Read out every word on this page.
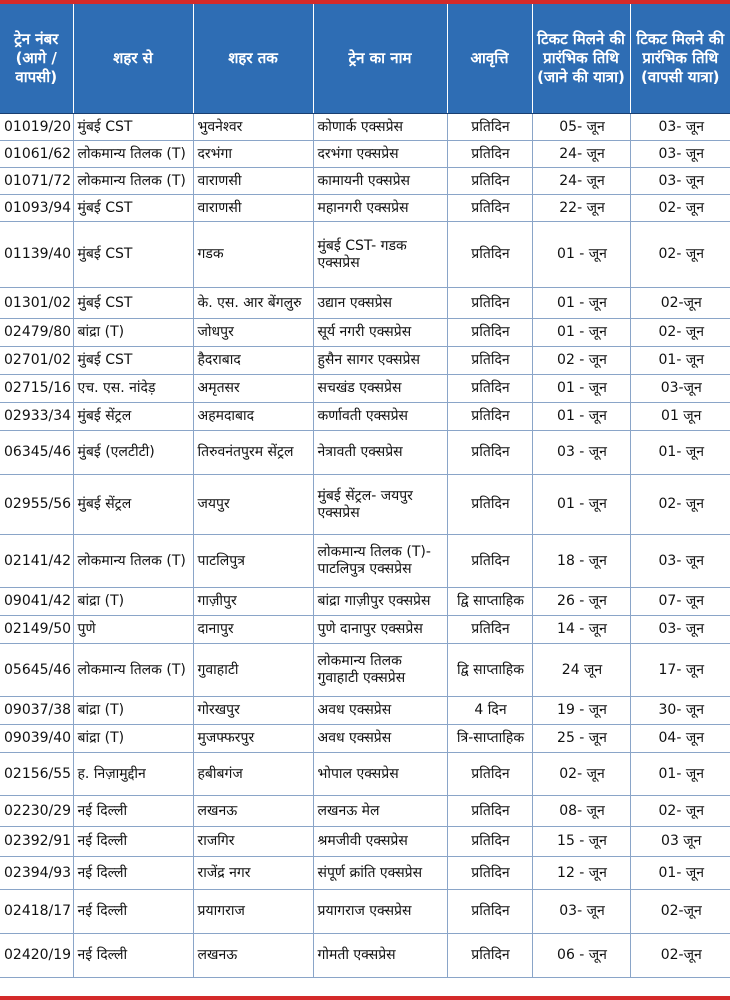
ट्रेन नंबर (आगे / वापसी)	शहर से	शहर तक	ट्रेन का नाम	आवृत्ति	टिकट मिलने की प्रारंभिक तिथि (जाने की यात्रा)	टिकट मिलने की प्रारंभिक तिथि (वापसी यात्रा)
01019/20	मुंबई CST	भुवनेश्वर	कोणार्क एक्सप्रेस	प्रतिदिन	05- जून	03- जून
01061/62	लोकमान्य तिलक (T)	दरभंगा	दरभंगा एक्सप्रेस	प्रतिदिन	24- जून	03- जून
01071/72	लोकमान्य तिलक (T)	वाराणसी	कामायनी एक्सप्रेस	प्रतिदिन	24- जून	03- जून
01093/94	मुंबई CST	वाराणसी	महानगरी एक्सप्रेस	प्रतिदिन	22- जून	02- जून
01139/40	मुंबई CST	गडक	मुंबई CST- गडक एक्सप्रेस	प्रतिदिन	01 - जून	02- जून
01301/02	मुंबई CST	के. एस. आर बेंगलुरु	उद्यान एक्सप्रेस	प्रतिदिन	01 - जून	02-जून
02479/80	बांद्रा (T)	जोधपुर	सूर्य नगरी एक्सप्रेस	प्रतिदिन	01 - जून	02- जून
02701/02	मुंबई CST	हैदराबाद	हुसैन सागर एक्सप्रेस	प्रतिदिन	02 - जून	01- जून
02715/16	एच. एस. नांदेड़	अमृतसर	सचखंड एक्सप्रेस	प्रतिदिन	01 - जून	03-जून
02933/34	मुंबई सेंट्रल	अहमदाबाद	कर्णावती एक्सप्रेस	प्रतिदिन	01 - जून	01 जून
06345/46	मुंबई (एलटीटी)	तिरुवनंतपुरम सेंट्रल	नेत्रावती एक्सप्रेस	प्रतिदिन	03 - जून	01- जून
02955/56	मुंबई सेंट्रल	जयपुर	मुंबई सेंट्रल- जयपुर एक्सप्रेस	प्रतिदिन	01 - जून	02- जून
02141/42	लोकमान्य तिलक (T)	पाटलिपुत्र	लोकमान्य तिलक (T)- पाटलिपुत्र एक्सप्रेस	प्रतिदिन	18 - जून	03- जून
09041/42	बांद्रा (T)	गाज़ीपुर	बांद्रा गाज़ीपुर एक्सप्रेस	द्वि साप्ताहिक	26 - जून	07- जून
02149/50	पुणे	दानापुर	पुणे दानापुर एक्सप्रेस	प्रतिदिन	14 - जून	03- जून
05645/46	लोकमान्य तिलक (T)	गुवाहाटी	लोकमान्य तिलक गुवाहाटी एक्सप्रेस	द्वि साप्ताहिक	24 जून	17- जून
09037/38	बांद्रा (T)	गोरखपुर	अवध एक्सप्रेस	4 दिन	19 - जून	30- जून
09039/40	बांद्रा (T)	मुजफ्फरपुर	अवध एक्सप्रेस	त्रि-साप्ताहिक	25 - जून	04- जून
02156/55	ह. निज़ामुद्दीन	हबीबगंज	भोपाल एक्सप्रेस	प्रतिदिन	02- जून	01- जून
02230/29	नई दिल्ली	लखनऊ	लखनऊ मेल	प्रतिदिन	08- जून	02- जून
02392/91	नई दिल्ली	राजगिर	श्रमजीवी एक्सप्रेस	प्रतिदिन	15 - जून	03 जून
02394/93	नई दिल्ली	राजेंद्र नगर	संपूर्ण क्रांति एक्सप्रेस	प्रतिदिन	12 - जून	01- जून
02418/17	नई दिल्ली	प्रयागराज	प्रयागराज एक्सप्रेस	प्रतिदिन	03- जून	02-जून
02420/19	नई दिल्ली	लखनऊ	गोमती एक्सप्रेस	प्रतिदिन	06 - जून	02-जून
